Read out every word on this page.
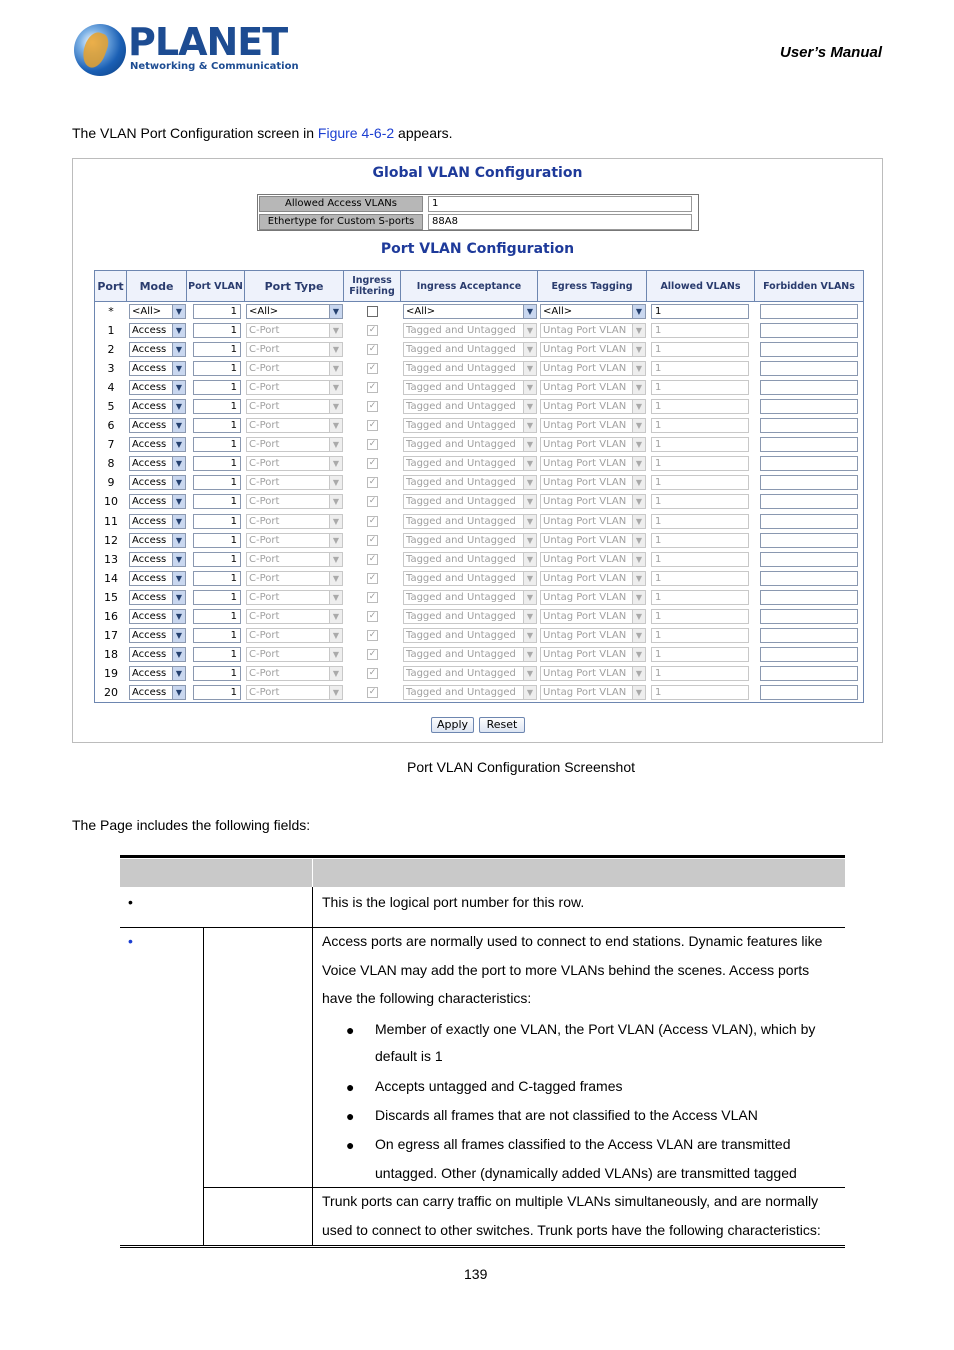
PLANET
Networking & Communication
User’s Manual
The VLAN Port Configuration screen in Figure 4-6-2 appears.
Global VLAN Configuration
Allowed Access VLANs	1
Ethertype for Custom S-ports	88A8
Port VLAN Configuration
Port	Mode	Port VLAN	Port Type	Ingress Filtering	Ingress Acceptance	Egress Tagging	Allowed VLANs	Forbidden VLANs
*	<All>	▼	1	<All>	▼	<All>	▼ <All>	▼	1
1	Access	▼	1	C-Port	▼	✓	Tagged and Untagged	▼ Untag Port VLAN	▼	1
2	Access	▼	1	C-Port	▼	✓	Tagged and Untagged	▼ Untag Port VLAN	▼	1
3	Access	▼	1	C-Port	▼	✓	Tagged and Untagged	▼ Untag Port VLAN	▼	1
4	Access	▼	1	C-Port	▼	✓	Tagged and Untagged	▼ Untag Port VLAN	▼	1
5	Access	▼	1	C-Port	▼	✓	Tagged and Untagged	▼ Untag Port VLAN	▼	1
6	Access	▼	1	C-Port	▼	✓	Tagged and Untagged	▼ Untag Port VLAN	▼	1
7	Access	▼	1	C-Port	▼	✓	Tagged and Untagged	▼ Untag Port VLAN	▼	1
8	Access	▼	1	C-Port	▼	✓	Tagged and Untagged	▼ Untag Port VLAN	▼	1
9	Access	▼	1	C-Port	▼	✓	Tagged and Untagged	▼ Untag Port VLAN	▼	1
10	Access	▼	1	C-Port	▼	✓	Tagged and Untagged	▼ Untag Port VLAN	▼	1
11	Access	▼	1	C-Port	▼	✓	Tagged and Untagged	▼ Untag Port VLAN	▼	1
12	Access	▼	1	C-Port	▼	✓	Tagged and Untagged	▼ Untag Port VLAN	▼	1
13	Access	▼	1	C-Port	▼	✓	Tagged and Untagged	▼ Untag Port VLAN	▼	1
14	Access	▼	1	C-Port	▼	✓	Tagged and Untagged	▼ Untag Port VLAN	▼	1
15	Access	▼	1	C-Port	▼	✓	Tagged and Untagged	▼ Untag Port VLAN	▼	1
16	Access	▼	1	C-Port	▼	✓	Tagged and Untagged	▼ Untag Port VLAN	▼	1
17	Access	▼	1	C-Port	▼	✓	Tagged and Untagged	▼ Untag Port VLAN	▼	1
18	Access	▼	1	C-Port	▼	✓	Tagged and Untagged	▼ Untag Port VLAN	▼	1
19	Access	▼	1	C-Port	▼	✓	Tagged and Untagged	▼ Untag Port VLAN	▼	1
20	Access	▼	1	C-Port	▼	✓	Tagged and Untagged	▼ Untag Port VLAN	▼	1
Apply	Reset
Port VLAN Configuration Screenshot
The Page includes the following fields:
•	This is the logical port number for this row.
•	Access ports are normally used to connect to end stations. Dynamic features like
Voice VLAN may add the port to more VLANs behind the scenes. Access ports
have the following characteristics:
● Member of exactly one VLAN, the Port VLAN (Access VLAN), which by
default is 1
● Accepts untagged and C-tagged frames
● Discards all frames that are not classified to the Access VLAN
● On egress all frames classified to the Access VLAN are transmitted
untagged. Other (dynamically added VLANs) are transmitted tagged
Trunk ports can carry traffic on multiple VLANs simultaneously, and are normally
used to connect to other switches. Trunk ports have the following characteristics:
139
